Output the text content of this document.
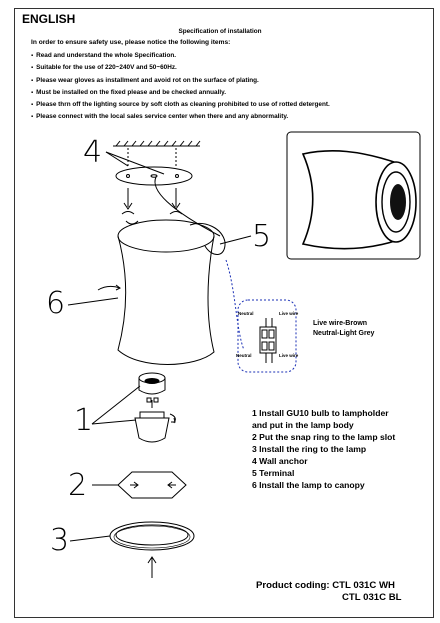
ENGLISH
Specification of installation
In order to ensure safety use, please notice the following items:
▪ Read and understand the whole Specification.
▪ Suitable for the use of 220~240V and 50~60Hz.
▪ Please wear gloves as installment and avoid rot on the surface of plating.
▪ Must be installed on the fixed please and be checked annually.
▪ Please thrn off the lighting source by soft cloth as cleaning prohibited to use of rotted detergent.
▪ Please connect with the local sales service center when there and any abnormality.
4
5
6
1
2
3
Neutral	Live wire
Neutral	Live wire
Live wire-Brown
Neutral-Light Grey
1 Install GU10 bulb to lampholder
and put in the lamp body
2 Put the snap ring to the lamp slot
3 Install the ring to the lamp
4 Wall anchor
5 Terminal
6 Install the lamp to canopy
Product coding: CTL 031C WH
CTL 031C BL
